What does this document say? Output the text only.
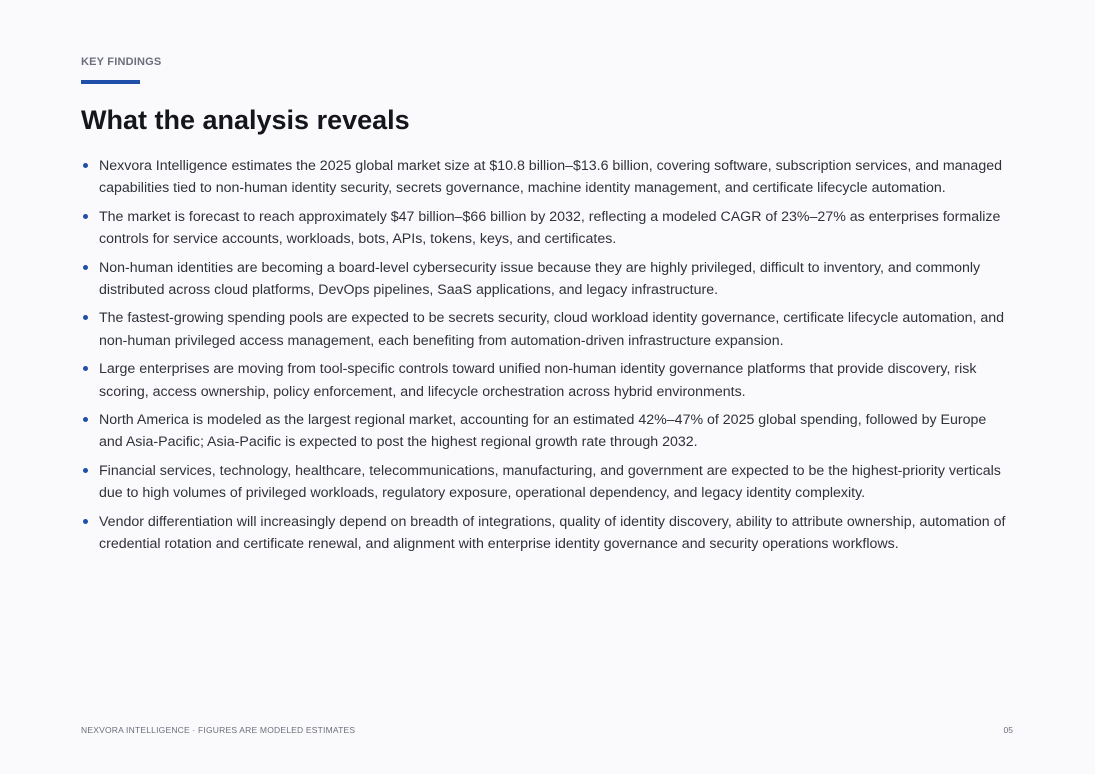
KEY FINDINGS
What the analysis reveals
Nexvora Intelligence estimates the 2025 global market size at $10.8 billion–$13.6 billion, covering software, subscription services, and managed capabilities tied to non-human identity security, secrets governance, machine identity management, and certificate lifecycle automation.
The market is forecast to reach approximately $47 billion–$66 billion by 2032, reflecting a modeled CAGR of 23%–27% as enterprises formalize controls for service accounts, workloads, bots, APIs, tokens, keys, and certificates.
Non-human identities are becoming a board-level cybersecurity issue because they are highly privileged, difficult to inventory, and commonly distributed across cloud platforms, DevOps pipelines, SaaS applications, and legacy infrastructure.
The fastest-growing spending pools are expected to be secrets security, cloud workload identity governance, certificate lifecycle automation, and non-human privileged access management, each benefiting from automation-driven infrastructure expansion.
Large enterprises are moving from tool-specific controls toward unified non-human identity governance platforms that provide discovery, risk scoring, access ownership, policy enforcement, and lifecycle orchestration across hybrid environments.
North America is modeled as the largest regional market, accounting for an estimated 42%–47% of 2025 global spending, followed by Europe and Asia-Pacific; Asia-Pacific is expected to post the highest regional growth rate through 2032.
Financial services, technology, healthcare, telecommunications, manufacturing, and government are expected to be the highest-priority verticals due to high volumes of privileged workloads, regulatory exposure, operational dependency, and legacy identity complexity.
Vendor differentiation will increasingly depend on breadth of integrations, quality of identity discovery, ability to attribute ownership, automation of credential rotation and certificate renewal, and alignment with enterprise identity governance and security operations workflows.
NEXVORA INTELLIGENCE · FIGURES ARE MODELED ESTIMATES	05
